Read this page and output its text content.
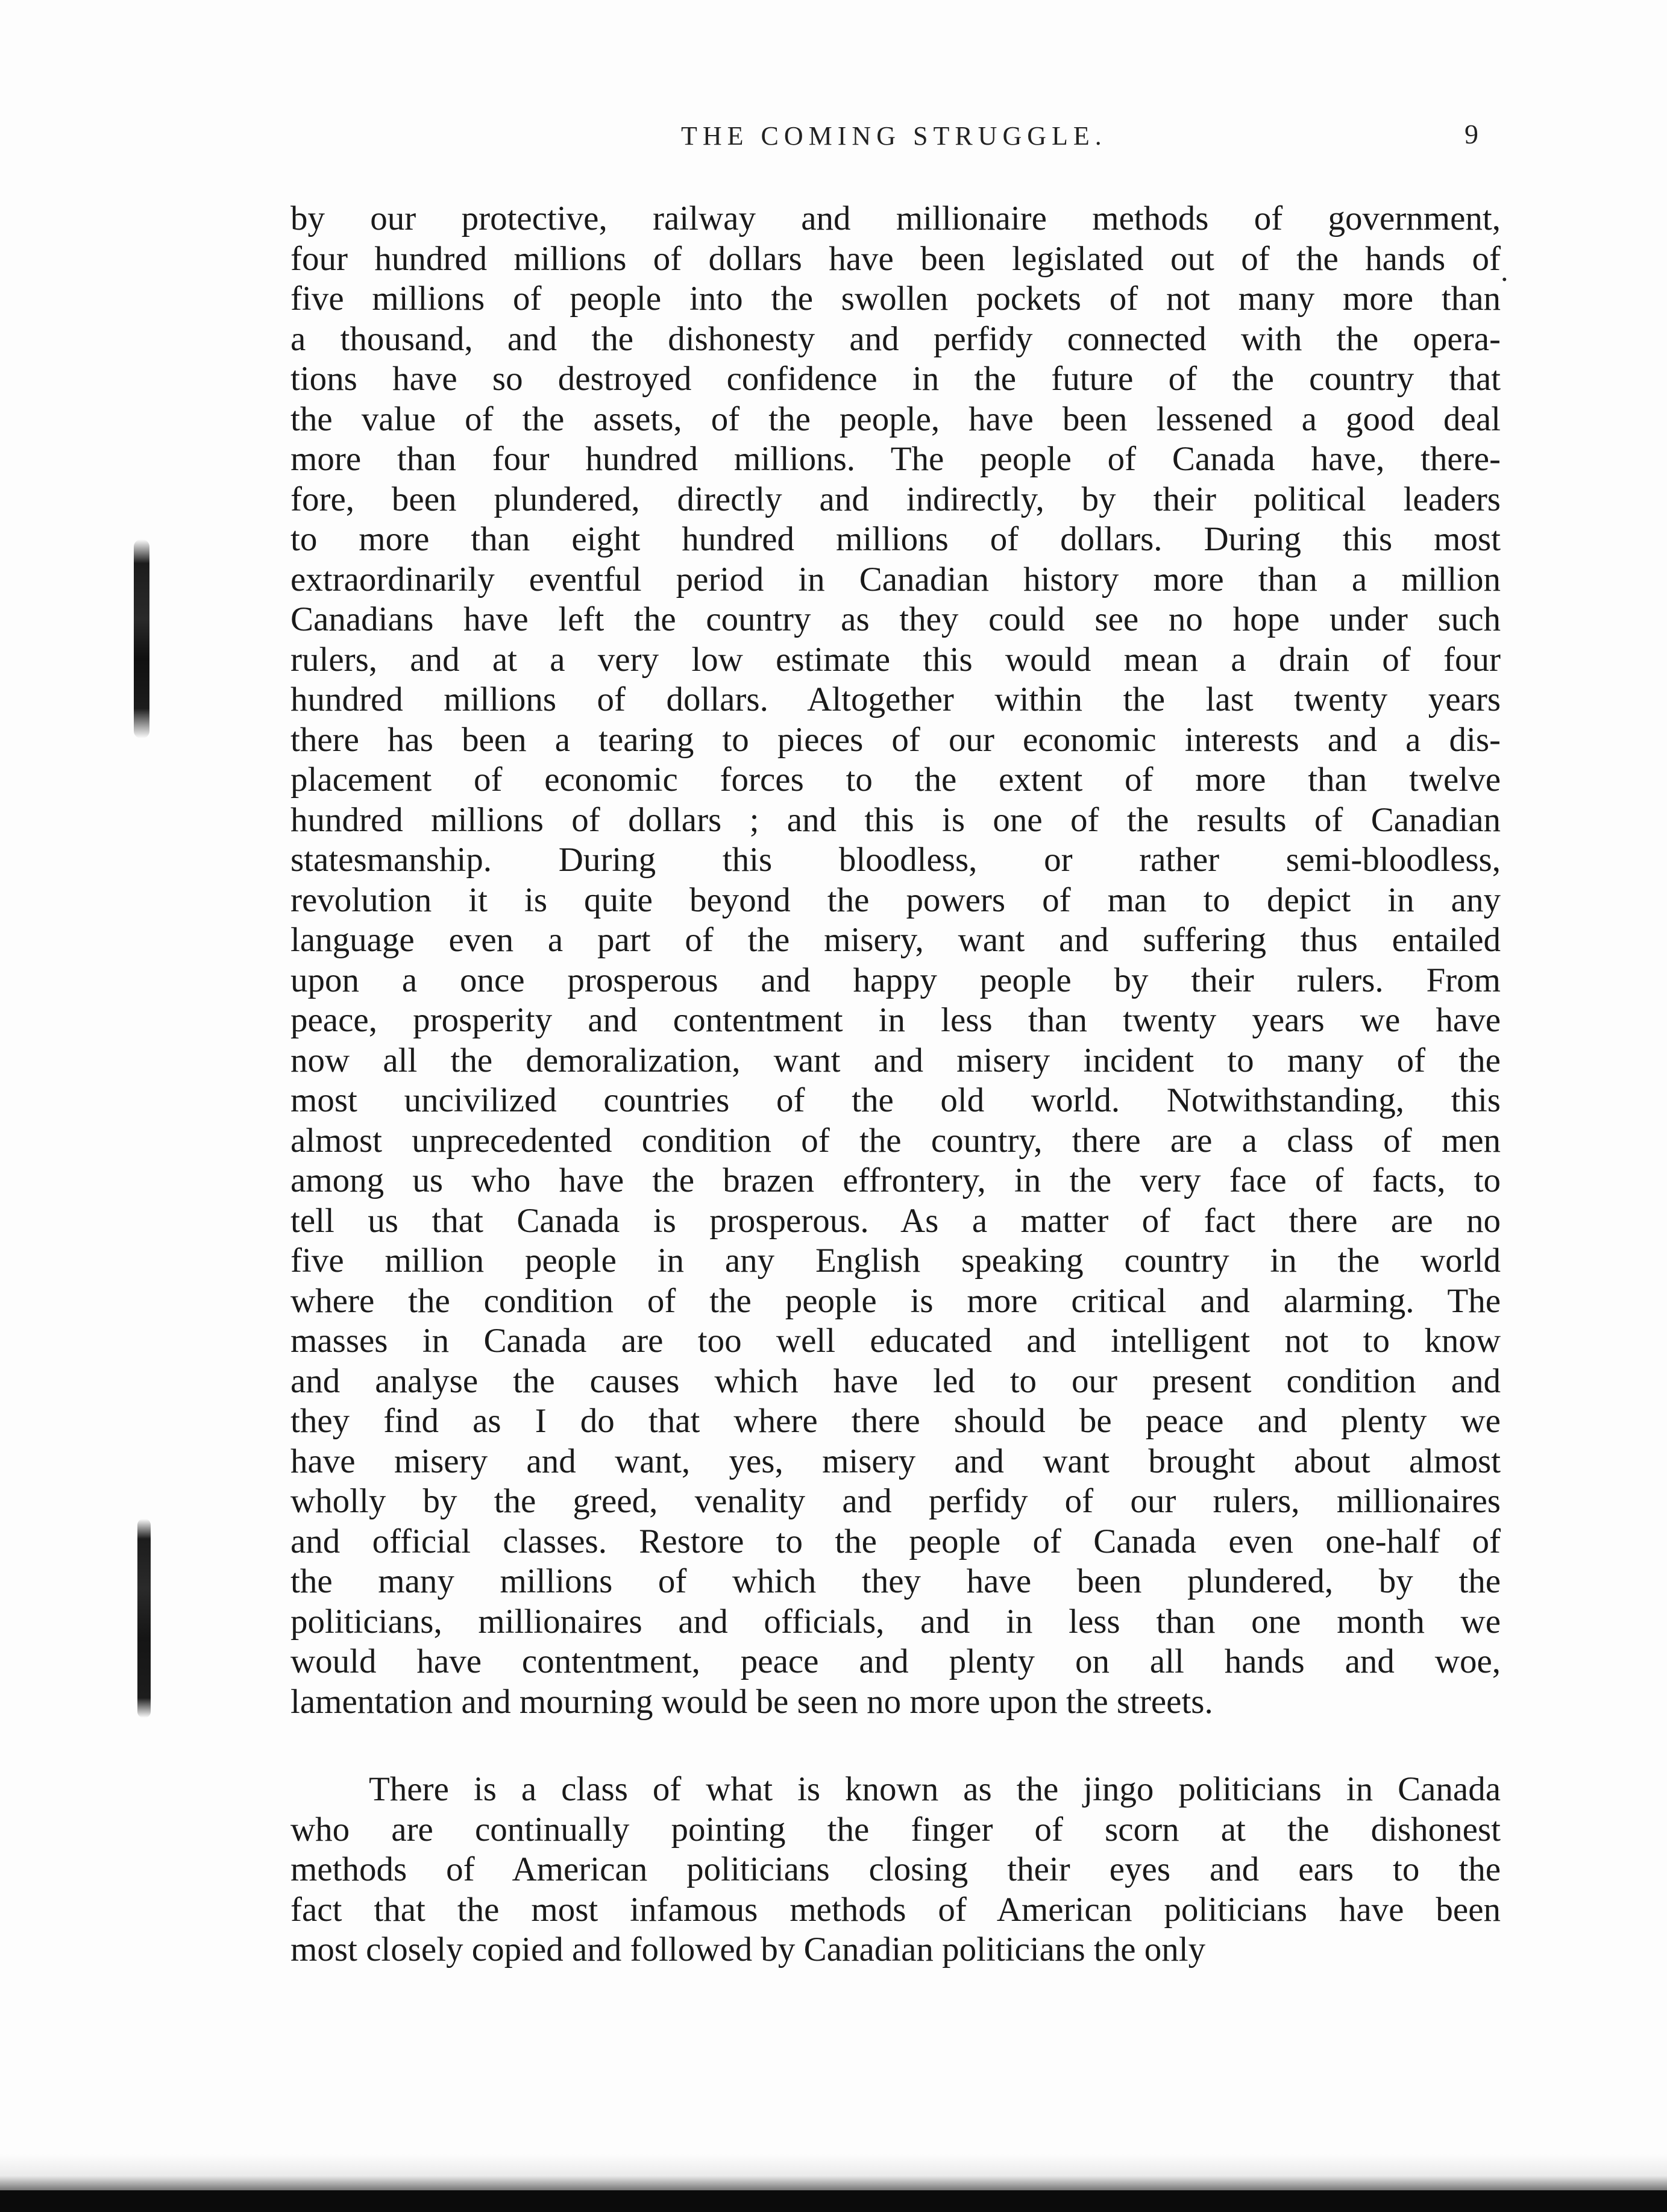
THE COMING STRUGGLE.	9
.
by our protective, railway and millionaire methods of government,
four hundred millions of dollars have been legislated out of the hands of
five millions of people into the swollen pockets of not many more than
a thousand, and the dishonesty and perfidy connected with the opera-
tions have so destroyed confidence in the future of the country that
the value of the assets, of the people, have been lessened a good deal
more than four hundred millions. The people of Canada have, there-
fore, been plundered, directly and indirectly, by their political leaders
to more than eight hundred millions of dollars. During this most
extraordinarily eventful period in Canadian history more than a million
Canadians have left the country as they could see no hope under such
rulers, and at a very low estimate this would mean a drain of four
hundred millions of dollars. Altogether within the last twenty years
there has been a tearing to pieces of our economic interests and a dis-
placement of economic forces to the extent of more than twelve
hundred millions of dollars ; and this is one of the results of Canadian
statesmanship. During this bloodless, or rather semi-bloodless,
revolution it is quite beyond the powers of man to depict in any
language even a part of the misery, want and suffering thus entailed
upon a once prosperous and happy people by their rulers. From
peace, prosperity and contentment in less than twenty years we have
now all the demoralization, want and misery incident to many of the
most uncivilized countries of the old world. Notwithstanding, this
almost unprecedented condition of the country, there are a class of men
among us who have the brazen effrontery, in the very face of facts, to
tell us that Canada is prosperous. As a matter of fact there are no
five million people in any English speaking country in the world
where the condition of the people is more critical and alarming. The
masses in Canada are too well educated and intelligent not to know
and analyse the causes which have led to our present condition and
they find as I do that where there should be peace and plenty we
have misery and want, yes, misery and want brought about almost
wholly by the greed, venality and perfidy of our rulers, millionaires
and official classes. Restore to the people of Canada even one-half of
the many millions of which they have been plundered, by the
politicians, millionaires and officials, and in less than one month we
would have contentment, peace and plenty on all hands and woe,
lamentation and mourning would be seen no more upon the streets.
There is a class of what is known as the jingo politicians in Canada
who are continually pointing the finger of scorn at the dishonest
methods of American politicians closing their eyes and ears to the
fact that the most infamous methods of American politicians have been
most closely copied and followed by Canadian politicians the only
